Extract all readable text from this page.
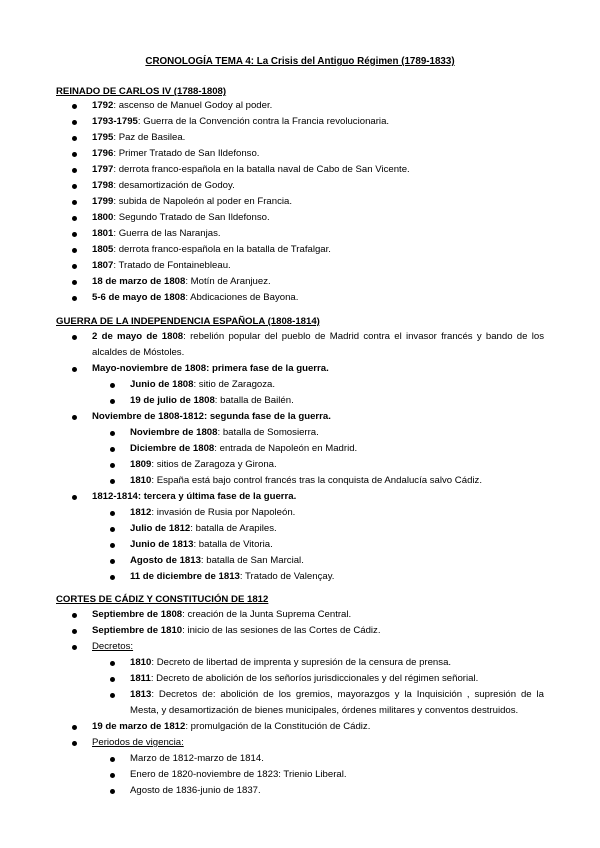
CRONOLOGÍA TEMA 4: La Crisis del Antiguo Régimen (1789-1833)
REINADO DE CARLOS IV (1788-1808)
1792: ascenso de Manuel Godoy al poder.
1793-1795: Guerra de la Convención contra la Francia revolucionaria.
1795: Paz de Basilea.
1796: Primer Tratado de San Ildefonso.
1797: derrota franco-española en la batalla naval de Cabo de San Vicente.
1798: desamortización de Godoy.
1799: subida de Napoleón al poder en Francia.
1800: Segundo Tratado de San Ildefonso.
1801: Guerra de las Naranjas.
1805: derrota franco-española en la batalla de Trafalgar.
1807: Tratado de Fontainebleau.
18 de marzo de 1808: Motín de Aranjuez.
5-6 de mayo de 1808: Abdicaciones de Bayona.
GUERRA DE LA INDEPENDENCIA ESPAÑOLA (1808-1814)
2 de mayo de 1808: rebelión popular del pueblo de Madrid contra el invasor francés y bando de los
alcaldes de Móstoles.
Mayo-noviembre de 1808: primera fase de la guerra.
Junio de 1808: sitio de Zaragoza.
19 de julio de 1808: batalla de Bailén.
Noviembre de 1808-1812: segunda fase de la guerra.
Noviembre de 1808: batalla de Somosierra.
Diciembre de 1808: entrada de Napoleón en Madrid.
1809: sitios de Zaragoza y Girona.
1810: España está bajo control francés tras la conquista de Andalucía salvo Cádiz.
1812-1814: tercera y última fase de la guerra.
1812: invasión de Rusia por Napoleón.
Julio de 1812: batalla de Arapiles.
Junio de 1813: batalla de Vitoria.
Agosto de 1813: batalla de San Marcial.
11 de diciembre de 1813: Tratado de Valençay.
CORTES DE CÁDIZ Y CONSTITUCIÓN DE 1812
Septiembre de 1808: creación de la Junta Suprema Central.
Septiembre de 1810: inicio de las sesiones de las Cortes de Cádiz.
Decretos:
1810: Decreto de libertad de imprenta y supresión de la censura de prensa.
1811: Decreto de abolición de los señoríos jurisdiccionales y del régimen señorial.
1813: Decretos de: abolición de los gremios, mayorazgos y la Inquisición , supresión de la
Mesta, y desamortización de bienes municipales, órdenes militares y conventos destruidos.
19 de marzo de 1812: promulgación de la Constitución de Cádiz.
Periodos de vigencia:
Marzo de 1812-marzo de 1814.
Enero de 1820-noviembre de 1823: Trienio Liberal.
Agosto de 1836-junio de 1837.
